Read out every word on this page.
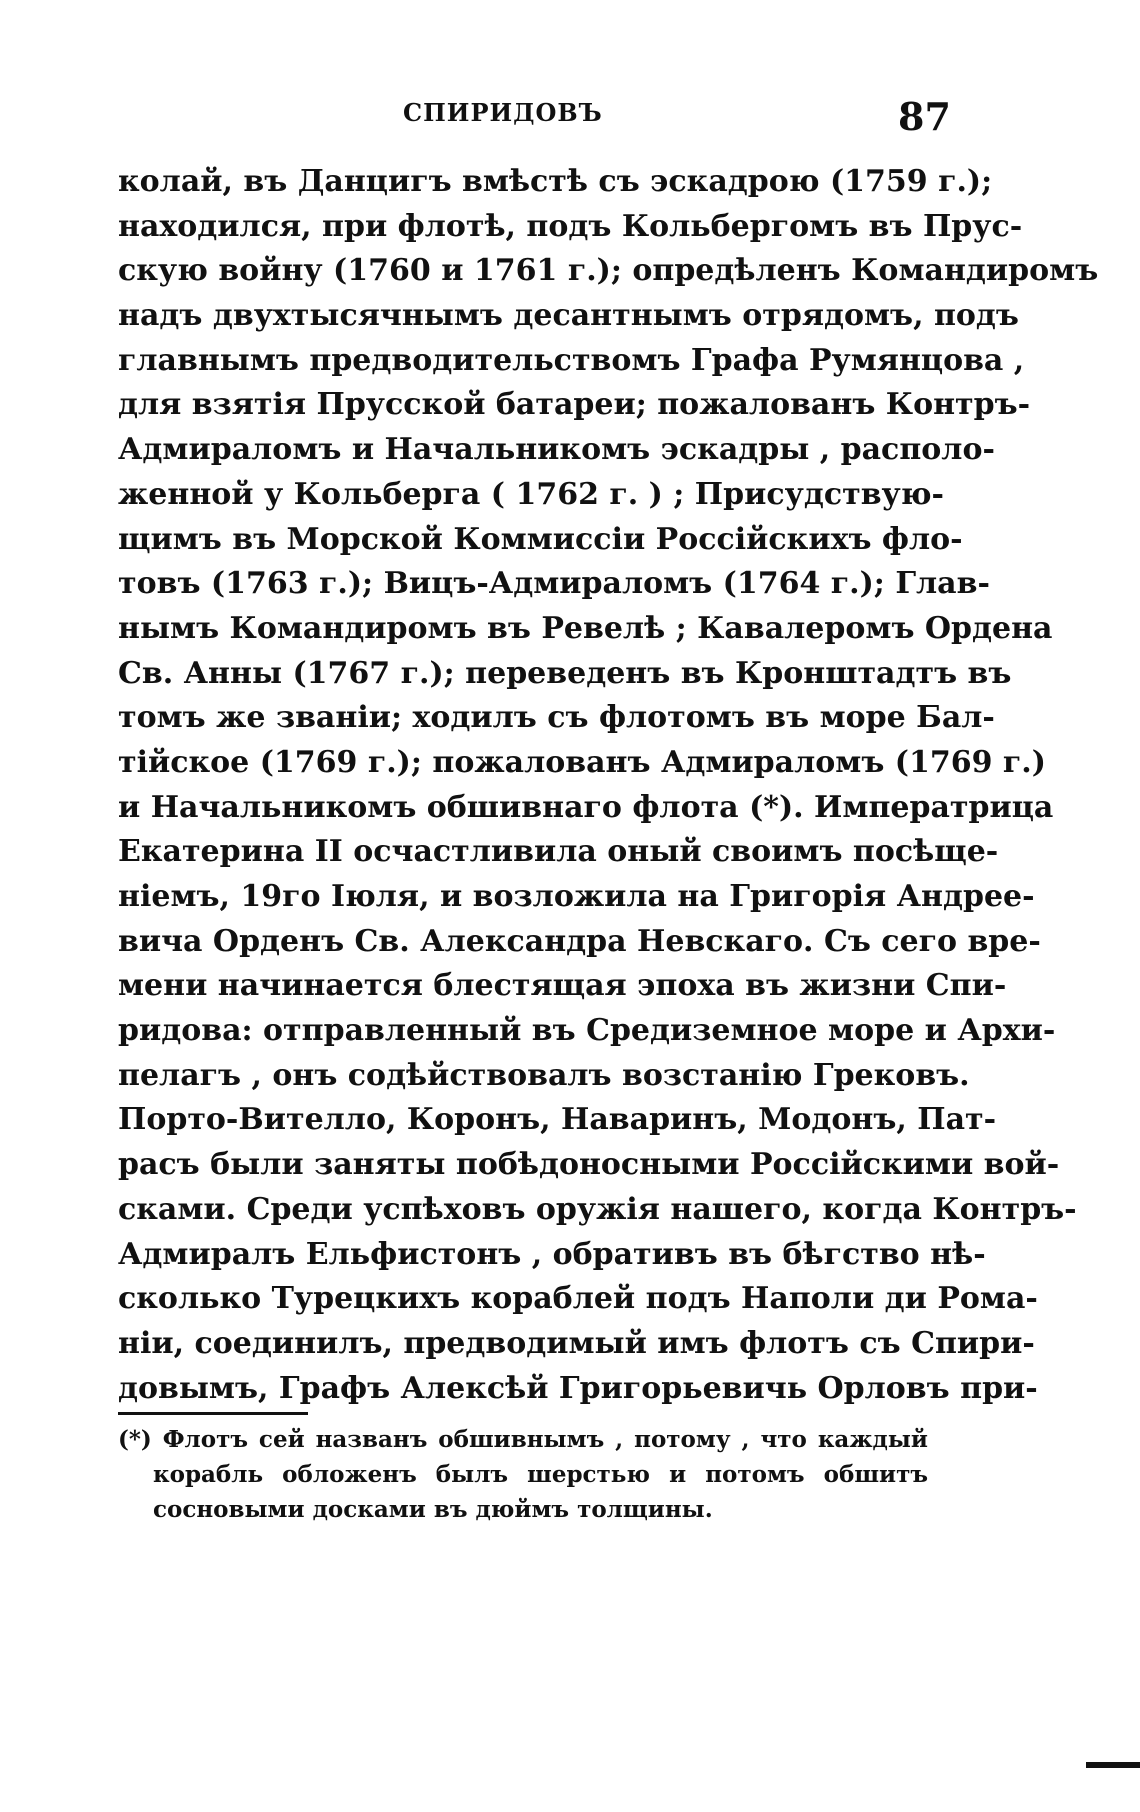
СПИРИДОВЪ	87
колай, въ Данцигъ вмѣстѣ съ эскадрою (1759 г.);
находился, при флотѣ, подъ Кольбергомъ въ Прус-
скую войну (1760 и 1761 г.); опредѣленъ Командиромъ
надъ двухтысячнымъ десантнымъ отрядомъ, подъ
главнымъ предводительствомъ Графа Румянцова ,
для взятія Прусской батареи; пожалованъ Контръ-
Адмираломъ и Начальникомъ эскадры , располо-
женной у Кольберга ( 1762 г. ) ; Присудствую-
щимъ въ Морской Коммиссіи Россійскихъ фло-
товъ (1763 г.); Вицъ-Адмираломъ (1764 г.); Глав-
нымъ Командиромъ въ Ревелѣ ; Кавалеромъ Ордена
Св. Анны (1767 г.); переведенъ въ Кронштадтъ въ
томъ же званіи; ходилъ съ флотомъ въ море Бал-
тійское (1769 г.); пожалованъ Адмираломъ (1769 г.)
и Начальникомъ обшивнаго флота (*). Императрица
Екатерина II осчастливила оный своимъ посѣще-
ніемъ, 19го Іюля, и возложила на Григорія Андрее-
вича Орденъ Св. Александра Невскаго. Съ сего вре-
мени начинается блестящая эпоха въ жизни Спи-
ридова: отправленный въ Средиземное море и Архи-
пелагъ , онъ содѣйствовалъ возстанію Грековъ.
Порто-Вителло, Коронъ, Наваринъ, Модонъ, Пат-
расъ были заняты побѣдоносными Россійскими вой-
сками. Среди успѣховъ оружія нашего, когда Контръ-
Адмиралъ Ельфистонъ , обративъ въ бѣгство нѣ-
сколько Турецкихъ кораблей подъ Наполи ди Рома-
ніи, соединилъ, предводимый имъ флотъ съ Спири-
довымъ, Графъ Алексѣй Григорьевичь Орловъ при-
(*) Флотъ сей названъ обшивнымъ , потому , что каждый
корабль обложенъ былъ шерстью и потомъ обшитъ
сосновыми досками въ дюймъ толщины.
